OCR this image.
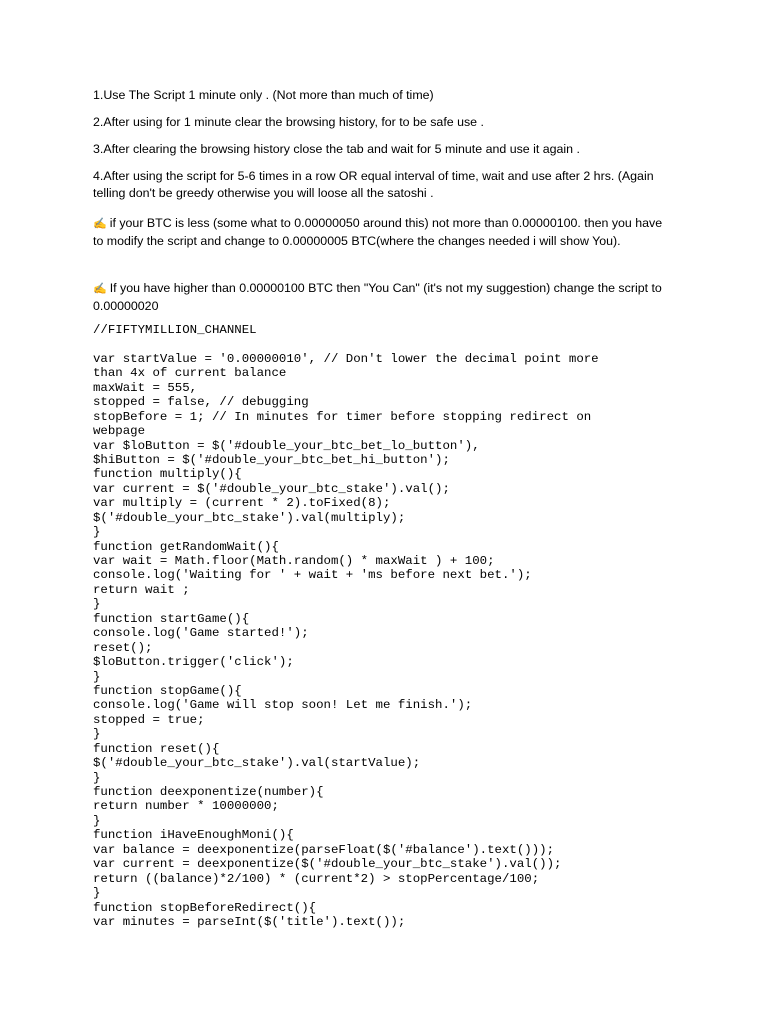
1.Use The Script 1 minute only . (Not more than much of time)

2.After using for 1 minute clear the browsing history, for to be safe use .

3.After clearing the browsing history close the tab and wait for 5 minute and use it again .

4.After using the script for 5-6 times in a row OR equal interval of time, wait and use after 2 hrs. (Again telling don't be greedy otherwise you will loose all the satoshi .

✍ if your BTC is less (some what to 0.00000050 around this) not more than 0.00000100. then you have to modify the script and change to 0.00000005 BTC(where the changes needed i will show You).

✍ If you have higher than 0.00000100 BTC then "You Can" (it's not my suggestion) change the script to 0.00000020

//FIFTYMILLION_CHANNEL
var startValue = '0.00000010', // Don't lower the decimal point more
than 4x of current balance
maxWait = 555,
stopped = false, // debugging
stopBefore = 1; // In minutes for timer before stopping redirect on
webpage
var $loButton = $('#double_your_btc_bet_lo_button'),
$hiButton = $('#double_your_btc_bet_hi_button');
function multiply(){
var current = $('#double_your_btc_stake').val();
var multiply = (current * 2).toFixed(8);
$('#double_your_btc_stake').val(multiply);
}
function getRandomWait(){
var wait = Math.floor(Math.random() * maxWait ) + 100;
console.log('Waiting for ' + wait + 'ms before next bet.');
return wait ;
}
function startGame(){
console.log('Game started!');
reset();
$loButton.trigger('click');
}
function stopGame(){
console.log('Game will stop soon! Let me finish.');
stopped = true;
}
function reset(){
$('#double_your_btc_stake').val(startValue);
}
function deexponentize(number){
return number * 10000000;
}
function iHaveEnoughMoni(){
var balance = deexponentize(parseFloat($('#balance').text()));
var current = deexponentize($('#double_your_btc_stake').val());
return ((balance)*2/100) * (current*2) > stopPercentage/100;
}
function stopBeforeRedirect(){
var minutes = parseInt($('title').text());
